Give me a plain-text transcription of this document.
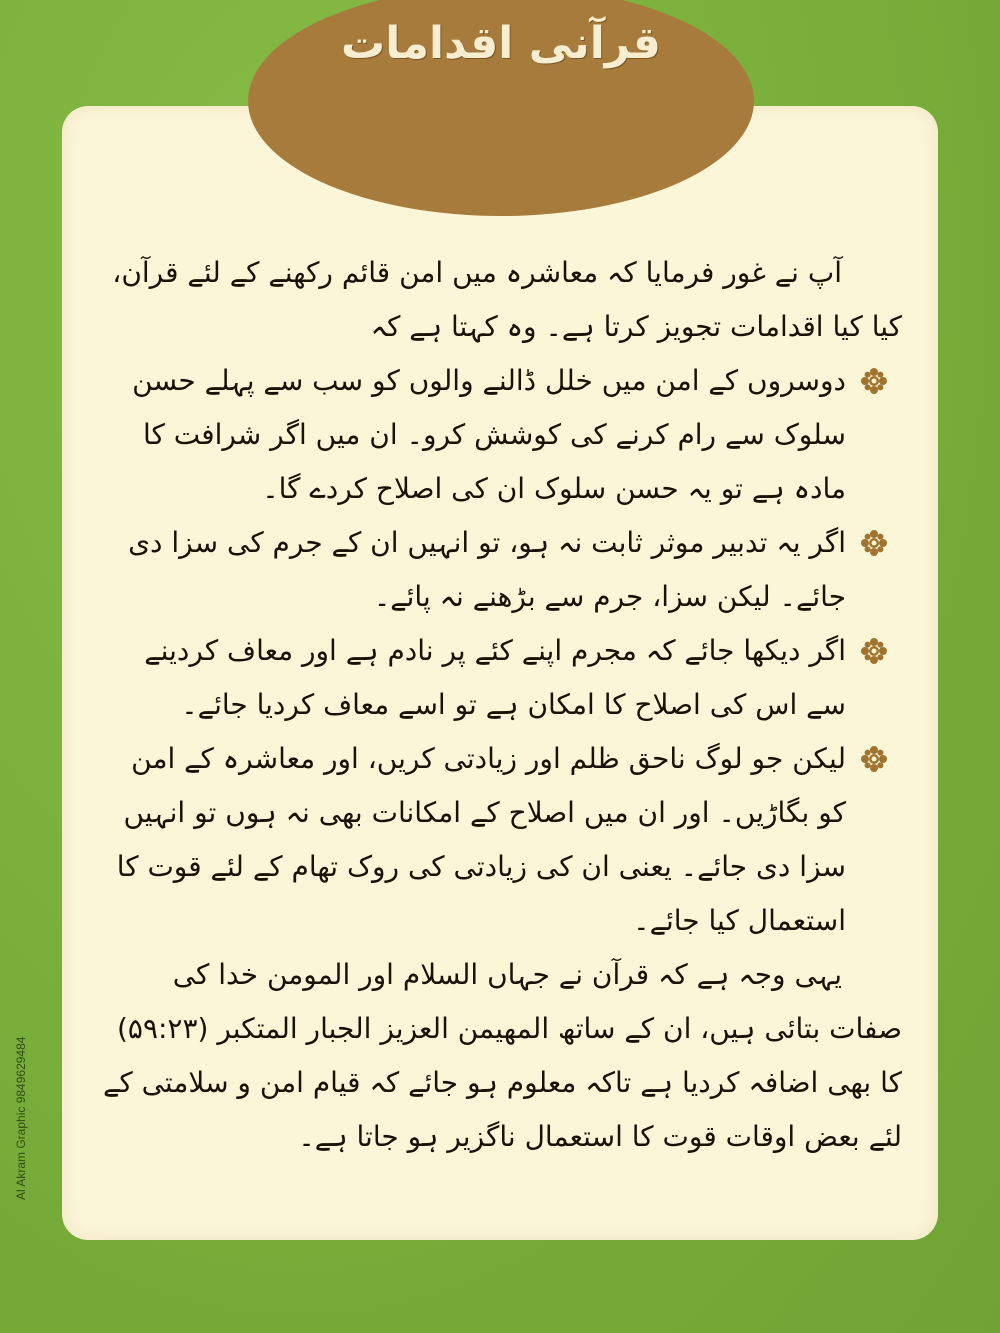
قرآنی اقدامات

آپ نے غور فرمایا کہ معاشرہ میں امن قائم رکھنے کے لئے قرآن، کیا کیا اقدامات تجویز کرتا ہے۔ وہ کہتا ہے کہ

دوسروں کے امن میں خلل ڈالنے والوں کو سب سے پہلے حسن سلوک سے رام کرنے کی کوشش کرو۔ ان میں اگر شرافت کا مادہ ہے تو یہ حسن سلوک ان کی اصلاح کردے گا۔
اگر یہ تدبیر موثر ثابت نہ ہو، تو انہیں ان کے جرم کی سزا دی جائے۔ لیکن سزا، جرم سے بڑھنے نہ پائے۔
اگر دیکھا جائے کہ مجرم اپنے کئے پر نادم ہے اور معاف کردینے سے اس کی اصلاح کا امکان ہے تو اسے معاف کردیا جائے۔
لیکن جو لوگ ناحق ظلم اور زیادتی کریں، اور معاشرہ کے امن کو بگاڑیں۔ اور ان میں اصلاح کے امکانات بھی نہ ہوں تو انہیں سزا دی جائے۔ یعنی ان کی زیادتی کی روک تھام کے لئے قوت کا استعمال کیا جائے۔

یہی وجہ ہے کہ قرآن نے جہاں السلام اور المومن خدا کی صفات بتائی ہیں، ان کے ساتھ المھیمن العزیز الجبار المتکبر (۵۹:۲۳) کا بھی اضافہ کردیا ہے تاکہ معلوم ہو جائے کہ قیام امن و سلامتی کے لئے بعض اوقات قوت کا استعمال ناگزیر ہو جاتا ہے۔

Al Akram Graphic 9849629484
